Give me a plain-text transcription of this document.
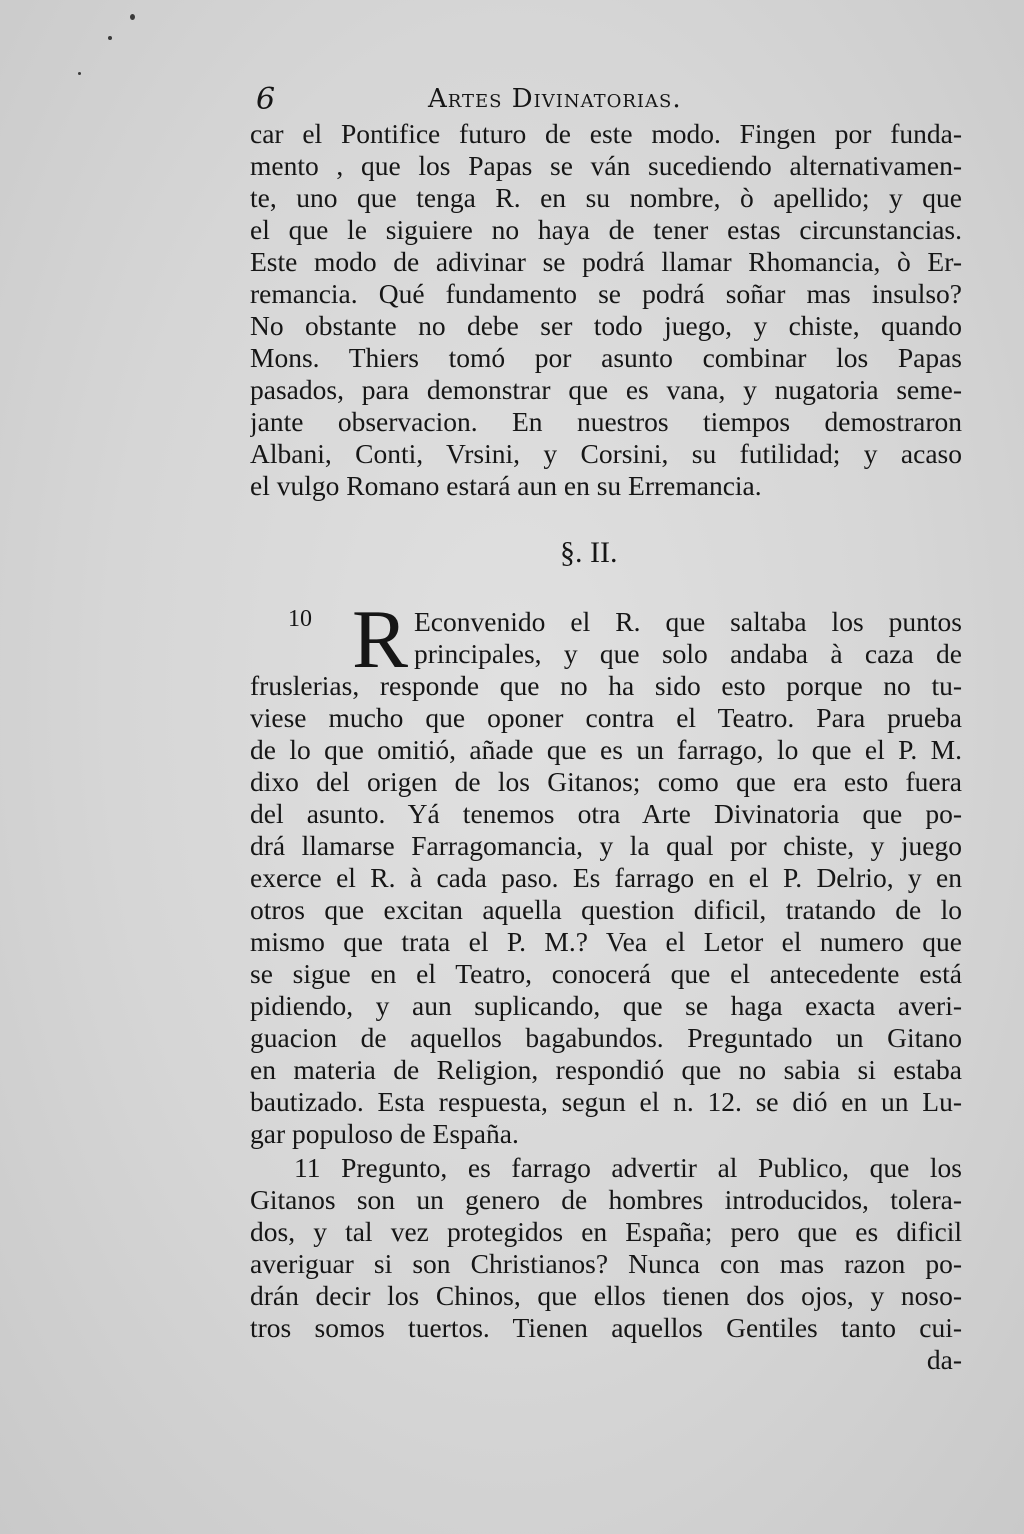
6	Artes Divinatorias.
car el Pontifice futuro de este modo. Fingen por funda-
mento , que los Papas se ván sucediendo alternativamen-
te, uno que tenga R. en su nombre, ò apellido; y que
el que le siguiere no haya de tener estas circunstancias.
Este modo de adivinar se podrá llamar Rhomancia, ò Er-
remancia. Qué fundamento se podrá soñar mas insulso?
No obstante no debe ser todo juego, y chiste, quando
Mons. Thiers tomó por asunto combinar los Papas
pasados, para demonstrar que es vana, y nugatoria seme-
jante observacion. En nuestros tiempos demostraron
Albani, Conti, Vrsini, y Corsini, su futilidad; y acaso
el vulgo Romano estará aun en su Erremancia.
§. II.
10 R Econvenido el R. que saltaba los puntos
principales, y que solo andaba à caza de
fruslerias, responde que no ha sido esto porque no tu-
viese mucho que oponer contra el Teatro. Para prueba
de lo que omitió, añade que es un farrago, lo que el P. M.
dixo del origen de los Gitanos; como que era esto fuera
del asunto. Yá tenemos otra Arte Divinatoria que po-
drá llamarse Farragomancia, y la qual por chiste, y juego
exerce el R. à cada paso. Es farrago en el P. Delrio, y en
otros que excitan aquella question dificil, tratando de lo
mismo que trata el P. M.? Vea el Letor el numero que
se sigue en el Teatro, conocerá que el antecedente está
pidiendo, y aun suplicando, que se haga exacta averi-
guacion de aquellos bagabundos. Preguntado un Gitano
en materia de Religion, respondió que no sabia si estaba
bautizado. Esta respuesta, segun el n. 12. se dió en un Lu-
gar populoso de España.
11 Pregunto, es farrago advertir al Publico, que los
Gitanos son un genero de hombres introducidos, tolera-
dos, y tal vez protegidos en España; pero que es dificil
averiguar si son Christianos? Nunca con mas razon po-
drán decir los Chinos, que ellos tienen dos ojos, y noso-
tros somos tuertos. Tienen aquellos Gentiles tanto cui-
da-
